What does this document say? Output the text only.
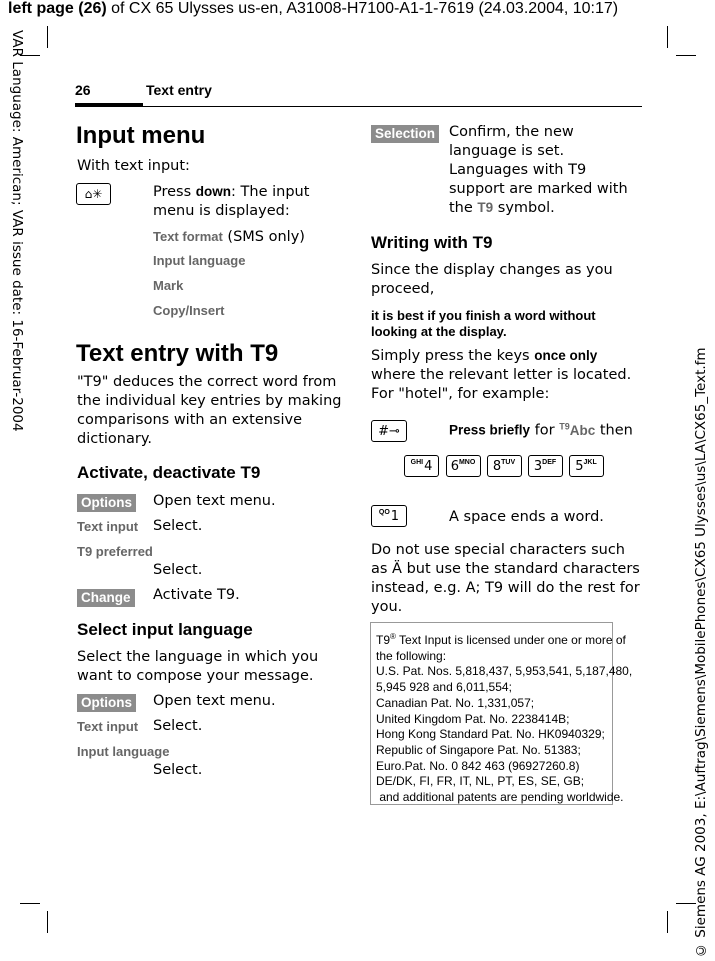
left page (26) of CX 65 Ulysses us-en, A31008-H7100-A1-1-7619 (24.03.2004, 10:17)
VAR Language: American; VAR issue date: 16-Februar-2004
© Siemens AG 2003, E:\Auftrag\Siemens\MobilePhones\CX65 Ulysses\us\LA\CX65_Text.fm
26	Text entry
Input menu
With text input:
⌂✳	Press down: The input menu is displayed:
Text format (SMS only)
Input language
Mark
Copy/Insert
Text entry with T9
"T9" deduces the correct word from the individual key entries by making comparisons with an extensive dictionary.
Activate, deactivate T9
Options Open text menu.
Text input Select.
T9 preferred
Select.
Change Activate T9.
Select input language
Select the language in which you want to compose your message.
Options Open text menu.
Text input Select.
Input language
Select.
Selection Confirm, the new language is set. Languages with T9 support are marked with the T9 symbol.
Writing with T9
Since the display changes as you proceed,
it is best if you finish a word without looking at the display.
Simply press the keys once only where the relevant letter is located. For "hotel", for example:
#⊸	Press briefly for $^{T9}$Abc then
$^{GHI}$ 4 $6^{MNO}$ $8^{TUV}$ $3^{DEF}$ $5^{JKL}$
$^{QO}$ 1	A space ends a word.
Do not use special characters such as Ä but use the standard characters instead, e.g. A; T9 will do the rest for you.
T9® Text Input is licensed under one or more of
the following:
U.S. Pat. Nos. 5,818,437, 5,953,541, 5,187,480,
5,945 928 and 6,011,554;
Canadian Pat. No. 1,331,057;
United Kingdom Pat. No. 2238414B;
Hong Kong Standard Pat. No. HK0940329;
Republic of Singapore Pat. No. 51383;
Euro.Pat. No. 0 842 463 (96927260.8)
DE/DK, FI, FR, IT, NL, PT, ES, SE, GB;
and additional patents are pending worldwide.
